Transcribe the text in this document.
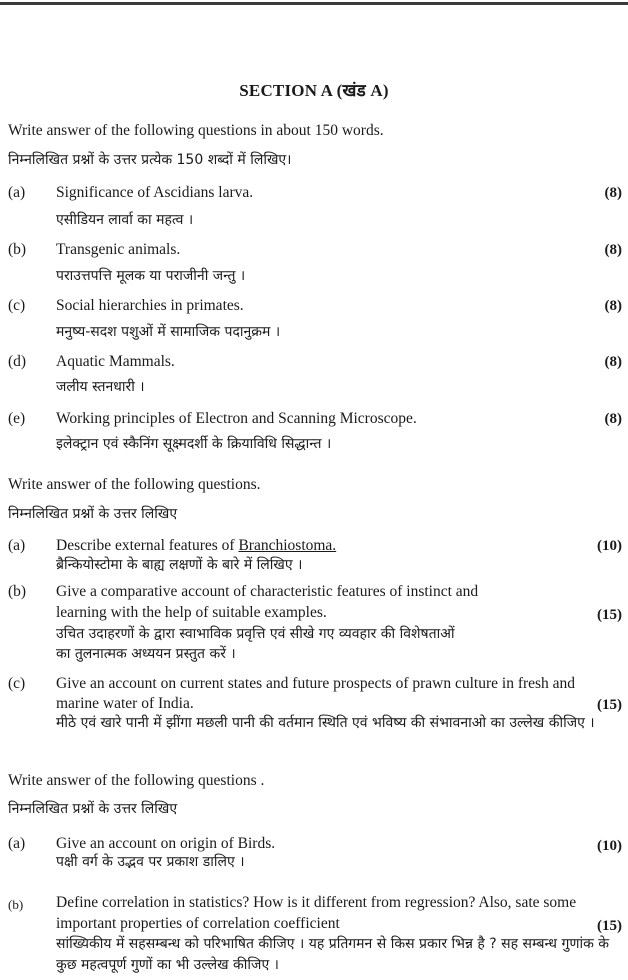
SECTION A (खंड A)
Write answer of the following questions in about 150 words.
निम्नलिखित प्रश्नों के उत्तर प्रत्येक 150 शब्दों में लिखिए।
(a) Significance of Ascidians larva.	(8)
एसीडियन लार्वा का महत्व ।
(b) Transgenic animals.	(8)
पराउत्तपत्ति मूलक या पराजीनी जन्तु ।
(c) Social hierarchies in primates.	(8)
मनुष्य-सदश पशुओं में सामाजिक पदानुक्रम ।
(d) Aquatic Mammals.	(8)
जलीय स्तनधारी ।
(e) Working principles of Electron and Scanning Microscope.	(8)
इलेक्ट्रान एवं स्कैनिंग सूक्ष्मदर्शी के क्रियाविधि सिद्धान्त ।
Write answer of the following questions.
निम्नलिखित प्रश्नों के उत्तर लिखिए
(a) Describe external features of Branchiostoma.	(10)
ब्रैन्कियोस्टोमा के बाह्य लक्षणों के बारे में लिखिए ।
(b) Give a comparative account of characteristic features of instinct and
learning with the help of suitable examples.	(15)
उचित उदाहरणों के द्वारा स्वाभाविक प्रवृत्ति एवं सीखे गए व्यवहार की विशेषताओं
का तुलनात्मक अध्ययन प्रस्तुत करें ।
(c) Give an account on current states and future prospects of prawn culture in fresh and
marine water of India.	(15)
मीठे एवं खारे पानी में झींगा मछली पानी की वर्तमान स्थिति एवं भविष्य की संभावनाओ का उल्लेख कीजिए ।
Write answer of the following questions .
निम्नलिखित प्रश्नों के उत्तर लिखिए
(a) Give an account on origin of Birds.	(10)
पक्षी वर्ग के उद्भव पर प्रकाश डालिए ।
(b) Define correlation in statistics? How is it different from regression? Also, sate some
important properties of correlation coefficient	(15)
सांख्यिकीय में सहसम्बन्ध को परिभाषित कीजिए । यह प्रतिगमन से किस प्रकार भिन्न है ? सह सम्बन्ध गुणांक के
कुछ महत्वपूर्ण गुणों का भी उल्लेख कीजिए ।
